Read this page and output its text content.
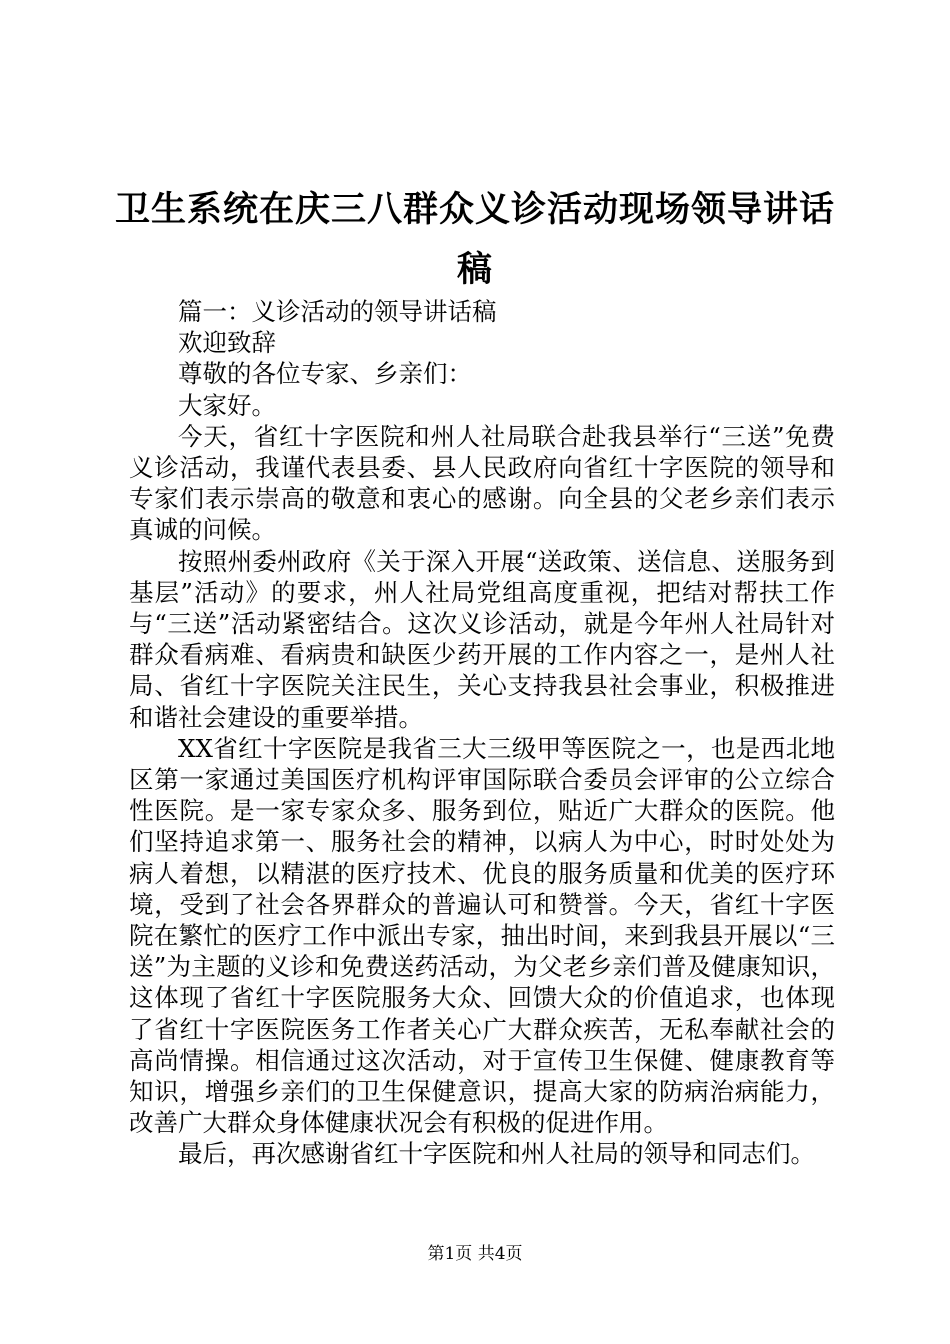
卫生系统在庆三八群众义诊活动现场领导讲话稿

篇一：义诊活动的领导讲话稿

欢迎致辞

尊敬的各位专家、乡亲们：

大家好。

今天，省红十字医院和州人社局联合赴我县举行“三送”免费义诊活动，我谨代表县委、县人民政府向省红十字医院的领导和专家们表示崇高的敬意和衷心的感谢。向全县的父老乡亲们表示真诚的问候。

按照州委州政府《关于深入开展“送政策、送信息、送服务到基层”活动》的要求，州人社局党组高度重视，把结对帮扶工作与“三送”活动紧密结合。这次义诊活动，就是今年州人社局针对群众看病难、看病贵和缺医少药开展的工作内容之一，是州人社局、省红十字医院关注民生，关心支持我县社会事业，积极推进和谐社会建设的重要举措。

XX省红十字医院是我省三大三级甲等医院之一，也是西北地区第一家通过美国医疗机构评审国际联合委员会评审的公立综合性医院。是一家专家众多、服务到位，贴近广大群众的医院。他们坚持追求第一、服务社会的精神，以病人为中心，时时处处为病人着想，以精湛的医疗技术、优良的服务质量和优美的医疗环境，受到了社会各界群众的普遍认可和赞誉。今天，省红十字医院在繁忙的医疗工作中派出专家，抽出时间，来到我县开展以“三送”为主题的义诊和免费送药活动，为父老乡亲们普及健康知识，这体现了省红十字医院服务大众、回馈大众的价值追求，也体现了省红十字医院医务工作者关心广大群众疾苦，无私奉献社会的高尚情操。相信通过这次活动，对于宣传卫生保健、健康教育等知识，增强乡亲们的卫生保健意识，提高大家的防病治病能力，改善广大群众身体健康状况会有积极的促进作用。

最后，再次感谢省红十字医院和州人社局的领导和同志们。

第1页 共4页
